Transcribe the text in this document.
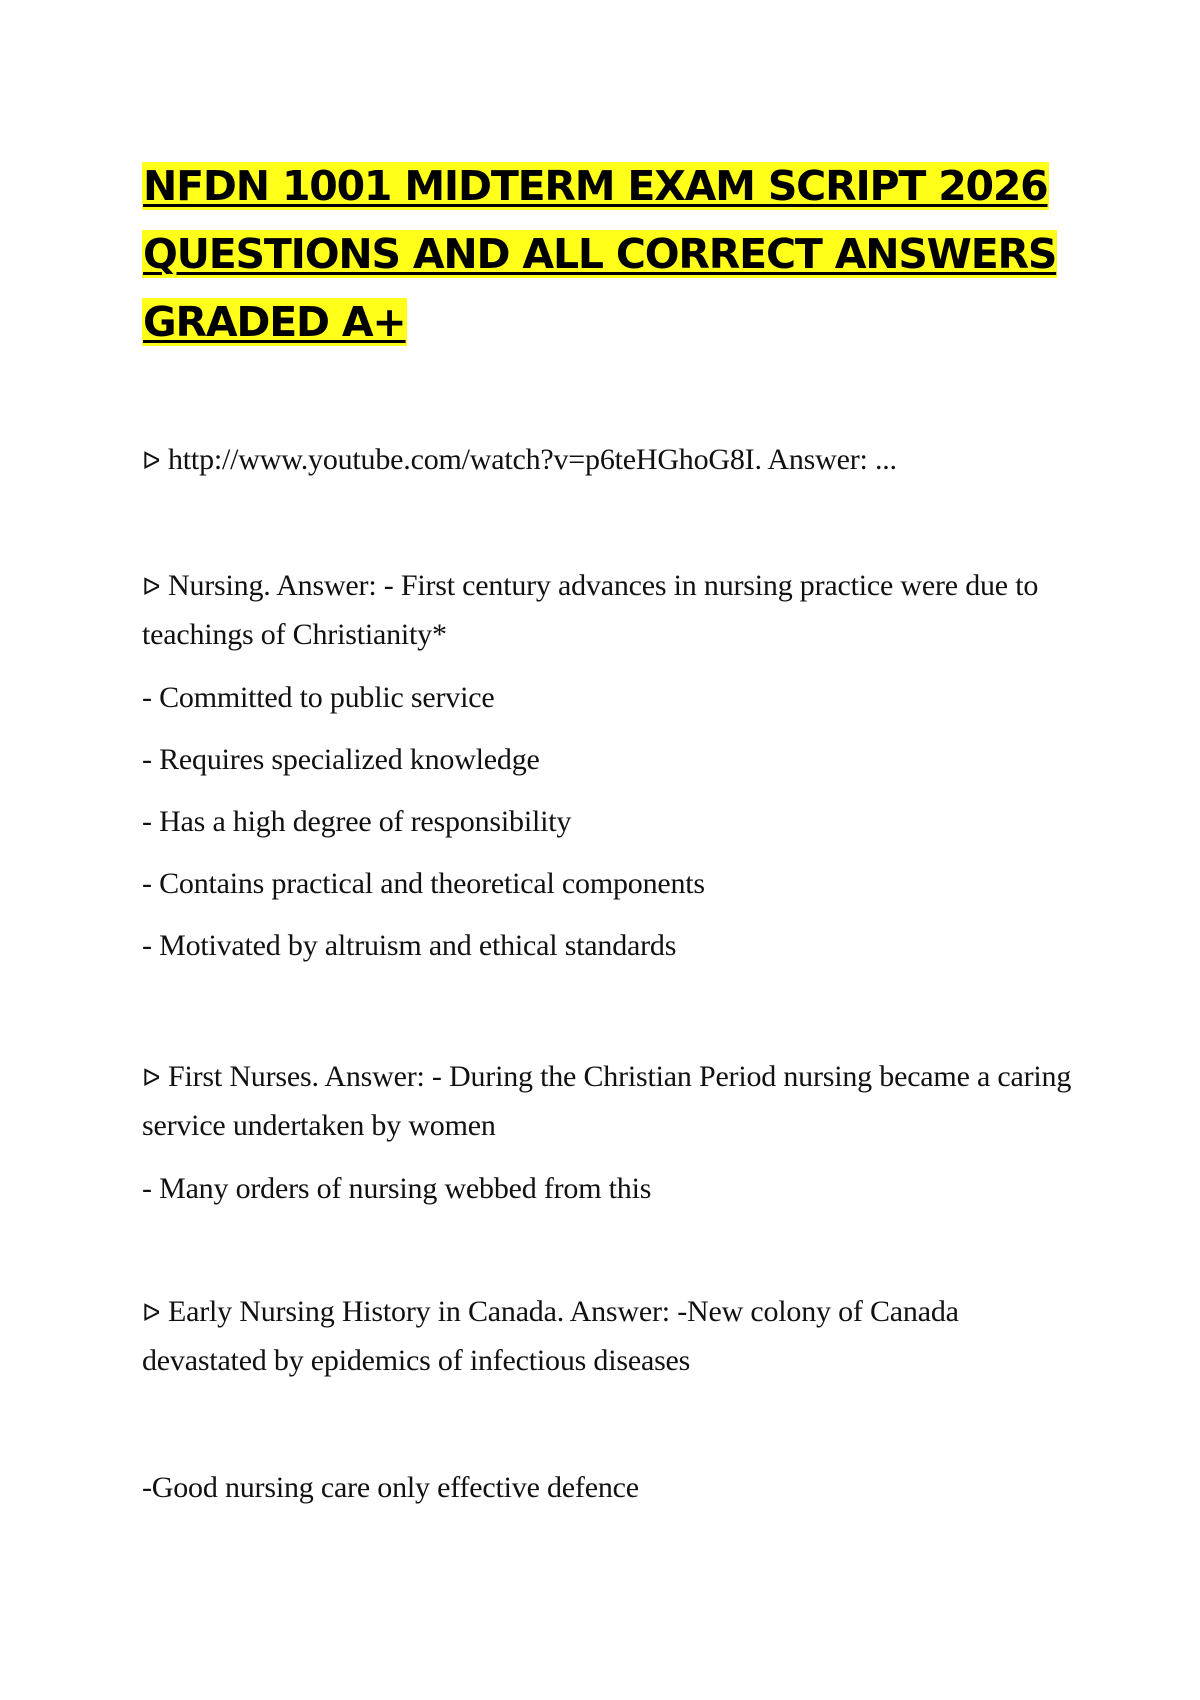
NFDN 1001 MIDTERM EXAM SCRIPT 2026
QUESTIONS AND ALL CORRECT ANSWERS
GRADED A+

ᐅ http://www.youtube.com/watch?v=p6teHGhoG8I. Answer: ...

ᐅ Nursing. Answer: - First century advances in nursing practice were due to teachings of Christianity*

- Committed to public service

- Requires specialized knowledge

- Has a high degree of responsibility

- Contains practical and theoretical components

- Motivated by altruism and ethical standards

ᐅ First Nurses. Answer: - During the Christian Period nursing became a caring service undertaken by women

- Many orders of nursing webbed from this

ᐅ Early Nursing History in Canada. Answer: -New colony of Canada devastated by epidemics of infectious diseases

-Good nursing care only effective defence
